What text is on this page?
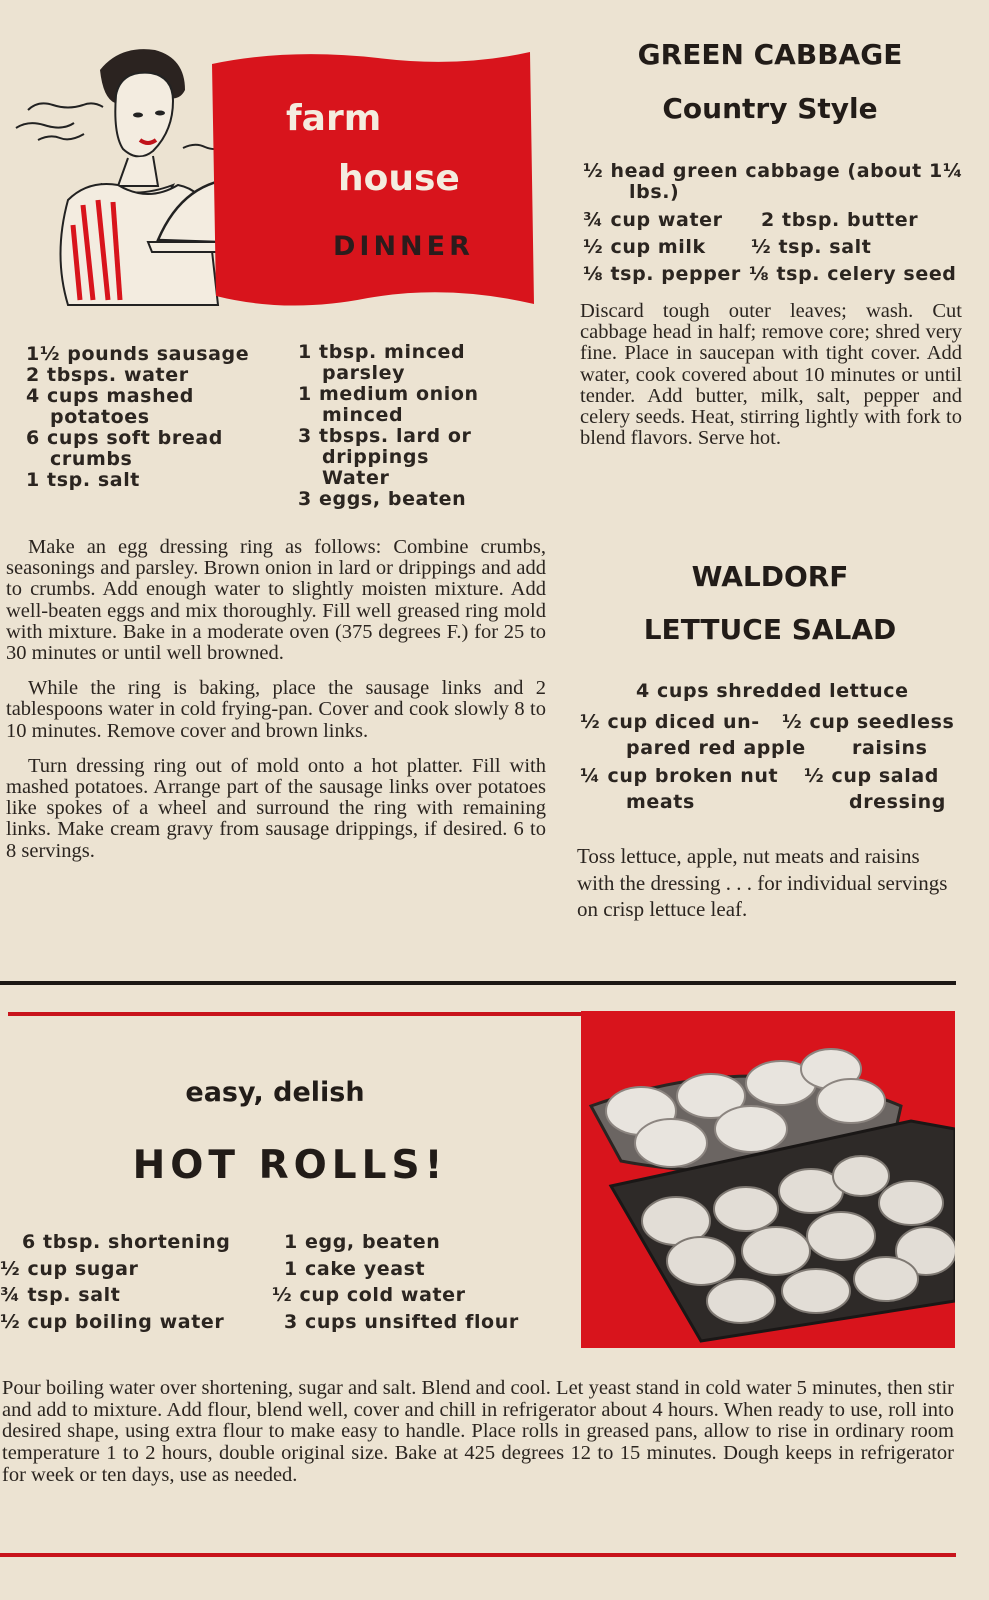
farm
house
DINNER
1½ pounds sausage
2 tbsps. water
4 cups mashed
potatoes
6 cups soft bread
crumbs
1 tsp. salt
1 tbsp. minced
parsley
1 medium onion
minced
3 tbsps. lard or
drippings
Water
3 eggs, beaten

Make an egg dressing ring as follows: Combine crumbs, seasonings and parsley. Brown onion in lard or drippings and add to crumbs. Add enough water to slightly moisten mixture. Add well-beaten eggs and mix thoroughly. Fill well greased ring mold with mixture. Bake in a moderate oven (375 degrees F.) for 25 to 30 minutes or until well browned.

While the ring is baking, place the sausage links and 2 tablespoons water in cold frying-pan. Cover and cook slowly 8 to 10 minutes. Remove cover and brown links.

Turn dressing ring out of mold onto a hot platter. Fill with mashed potatoes. Arrange part of the sausage links over potatoes like spokes of a wheel and surround the ring with remaining links. Make cream gravy from sausage drippings, if desired. 6 to 8 servings.

GREEN CABBAGE
Country Style
½ head green cabbage (about 1¼
lbs.)
¾ cup water 2 tbsp. butter
½ cup milk ½ tsp. salt
⅛ tsp. pepper ⅛ tsp. celery seed
Discard tough outer leaves; wash. Cut cabbage head in half; remove core; shred very fine. Place in saucepan with tight cover. Add water, cook covered about 10 minutes or until tender. Add butter, milk, salt, pepper and celery seeds. Heat, stirring lightly with fork to blend flavors. Serve hot.
WALDORF
LETTUCE SALAD
4 cups shredded lettuce
½ cup diced un-
pared red apple
½ cup seedless
raisins
¼ cup broken nut
meats
½ cup salad
dressing
Toss lettuce, apple, nut meats and raisins with the dressing . . . for individual servings on crisp lettuce leaf.
easy, delish
HOT ROLLS!
6 tbsp. shortening
½ cup sugar
¾ tsp. salt
½ cup boiling water
1 egg, beaten
1 cake yeast
½ cup cold water
3 cups unsifted flour
Pour boiling water over shortening, sugar and salt. Blend and cool. Let yeast stand in cold water 5 minutes, then stir and add to mixture. Add flour, blend well, cover and chill in refrigerator about 4 hours. When ready to use, roll into desired shape, using extra flour to make easy to handle. Place rolls in greased pans, allow to rise in ordinary room temperature 1 to 2 hours, double original size. Bake at 425 degrees 12 to 15 minutes. Dough keeps in refrigerator for week or ten days, use as needed.
